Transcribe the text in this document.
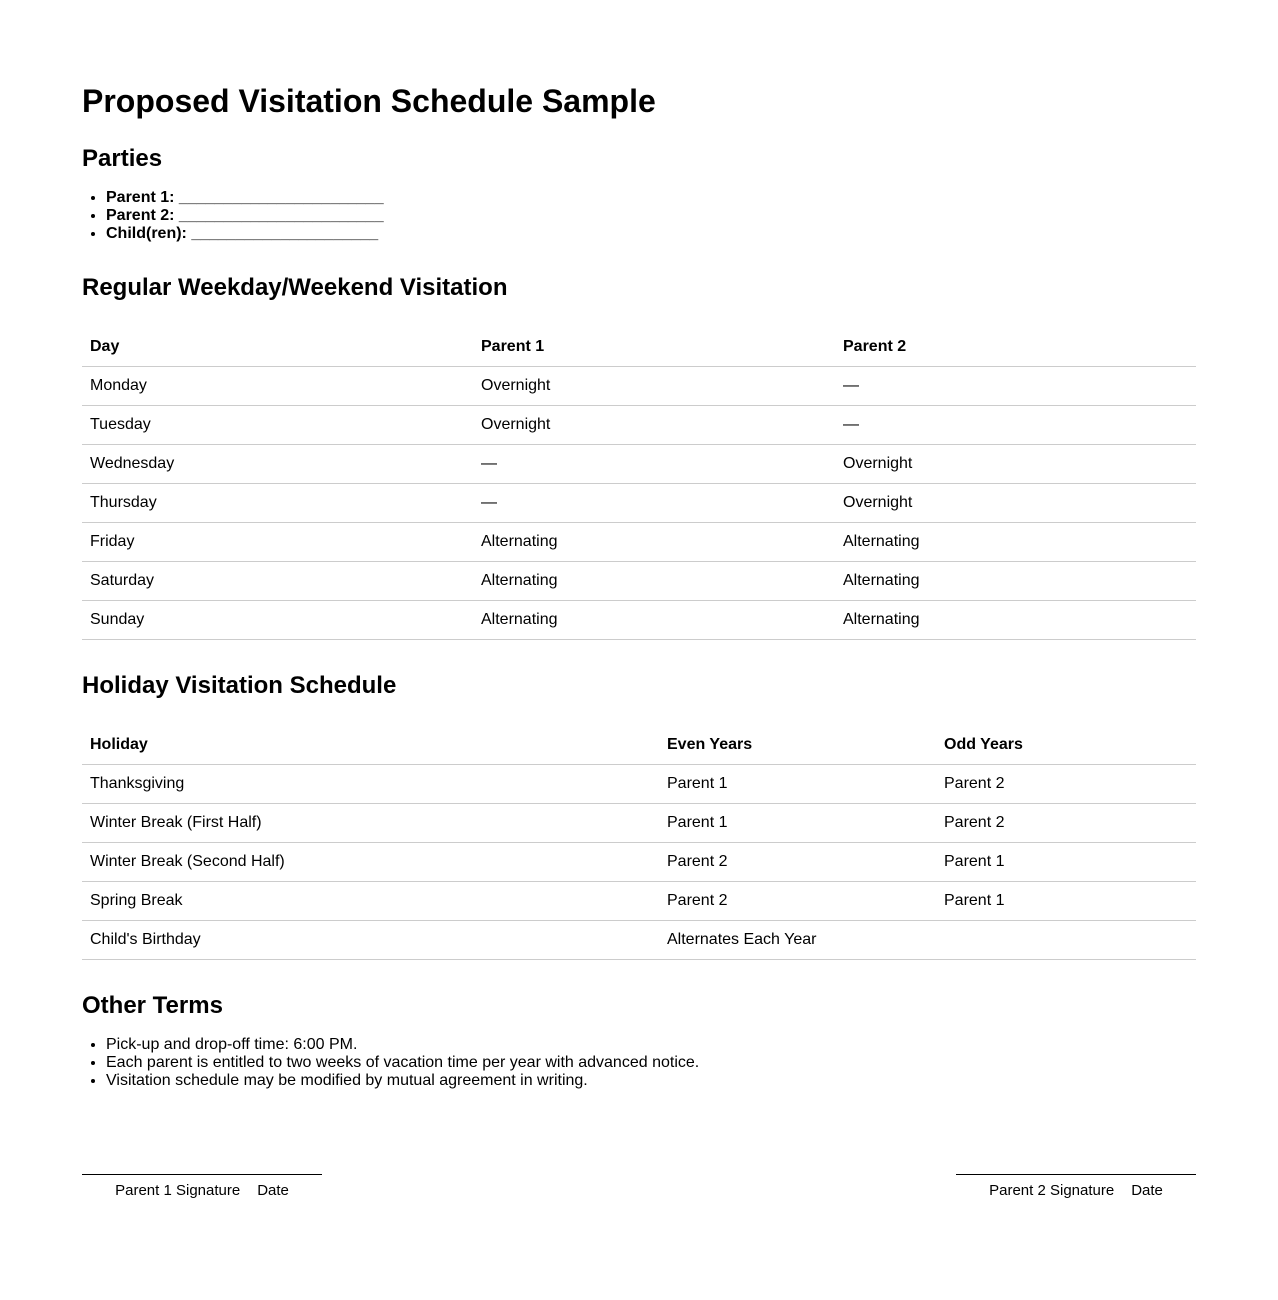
Proposed Visitation Schedule Sample
Parties
• Parent 1: _______________________
• Parent 2: _______________________
• Child(ren): _____________________
Regular Weekday/Weekend Visitation
Day	Parent 1	Parent 2
Monday	Overnight	—
Tuesday	Overnight	—
Wednesday	—	Overnight
Thursday	—	Overnight
Friday	Alternating	Alternating
Saturday	Alternating	Alternating
Sunday	Alternating	Alternating
Holiday Visitation Schedule
Holiday	Even Years	Odd Years
Thanksgiving	Parent 1	Parent 2
Winter Break (First Half)	Parent 1	Parent 2
Winter Break (Second Half)	Parent 2	Parent 1
Spring Break	Parent 2	Parent 1
Child's Birthday	Alternates Each Year	
Other Terms
• Pick-up and drop-off time: 6:00 PM.
• Each parent is entitled to two weeks of vacation time per year with advanced notice.
• Visitation schedule may be modified by mutual agreement in writing.
Parent 1 Signature Date	Parent 2 Signature Date
